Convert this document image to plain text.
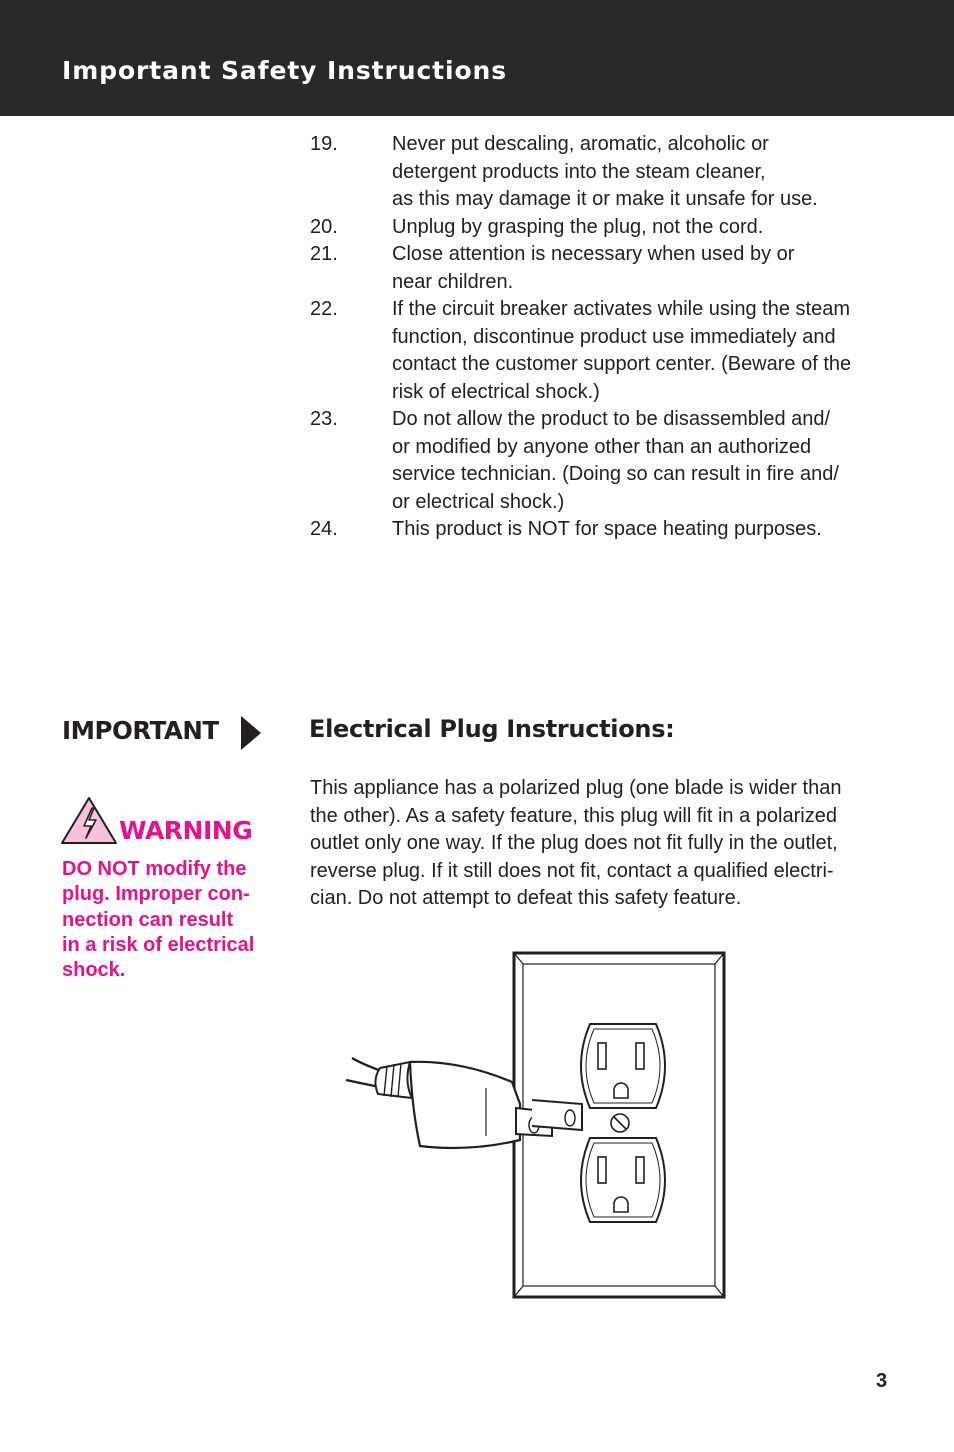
Important Safety Instructions
19.	Never put descaling, aromatic, alcoholic or
detergent products into the steam cleaner,
as this may damage it or make it unsafe for use.
20.	Unplug by grasping the plug, not the cord.
21.	Close attention is necessary when used by or
near children.
22.	If the circuit breaker activates while using the steam
function, discontinue product use immediately and
contact the customer support center. (Beware of the
risk of electrical shock.)
23.	Do not allow the product to be disassembled and/
or modified by anyone other than an authorized
service technician. (Doing so can result in fire and/
or electrical shock.)
24.	This product is NOT for space heating purposes.
IMPORTANT
WARNING
DO NOT modify the
plug. Improper con-
nection can result
in a risk of electrical
shock.
Electrical Plug Instructions:

This appliance has a polarized plug (one blade is wider than
the other). As a safety feature, this plug will fit in a polarized
outlet only one way. If the plug does not fit fully in the outlet,
reverse plug. If it still does not fit, contact a qualified electri-
cian. Do not attempt to defeat this safety feature.

3
